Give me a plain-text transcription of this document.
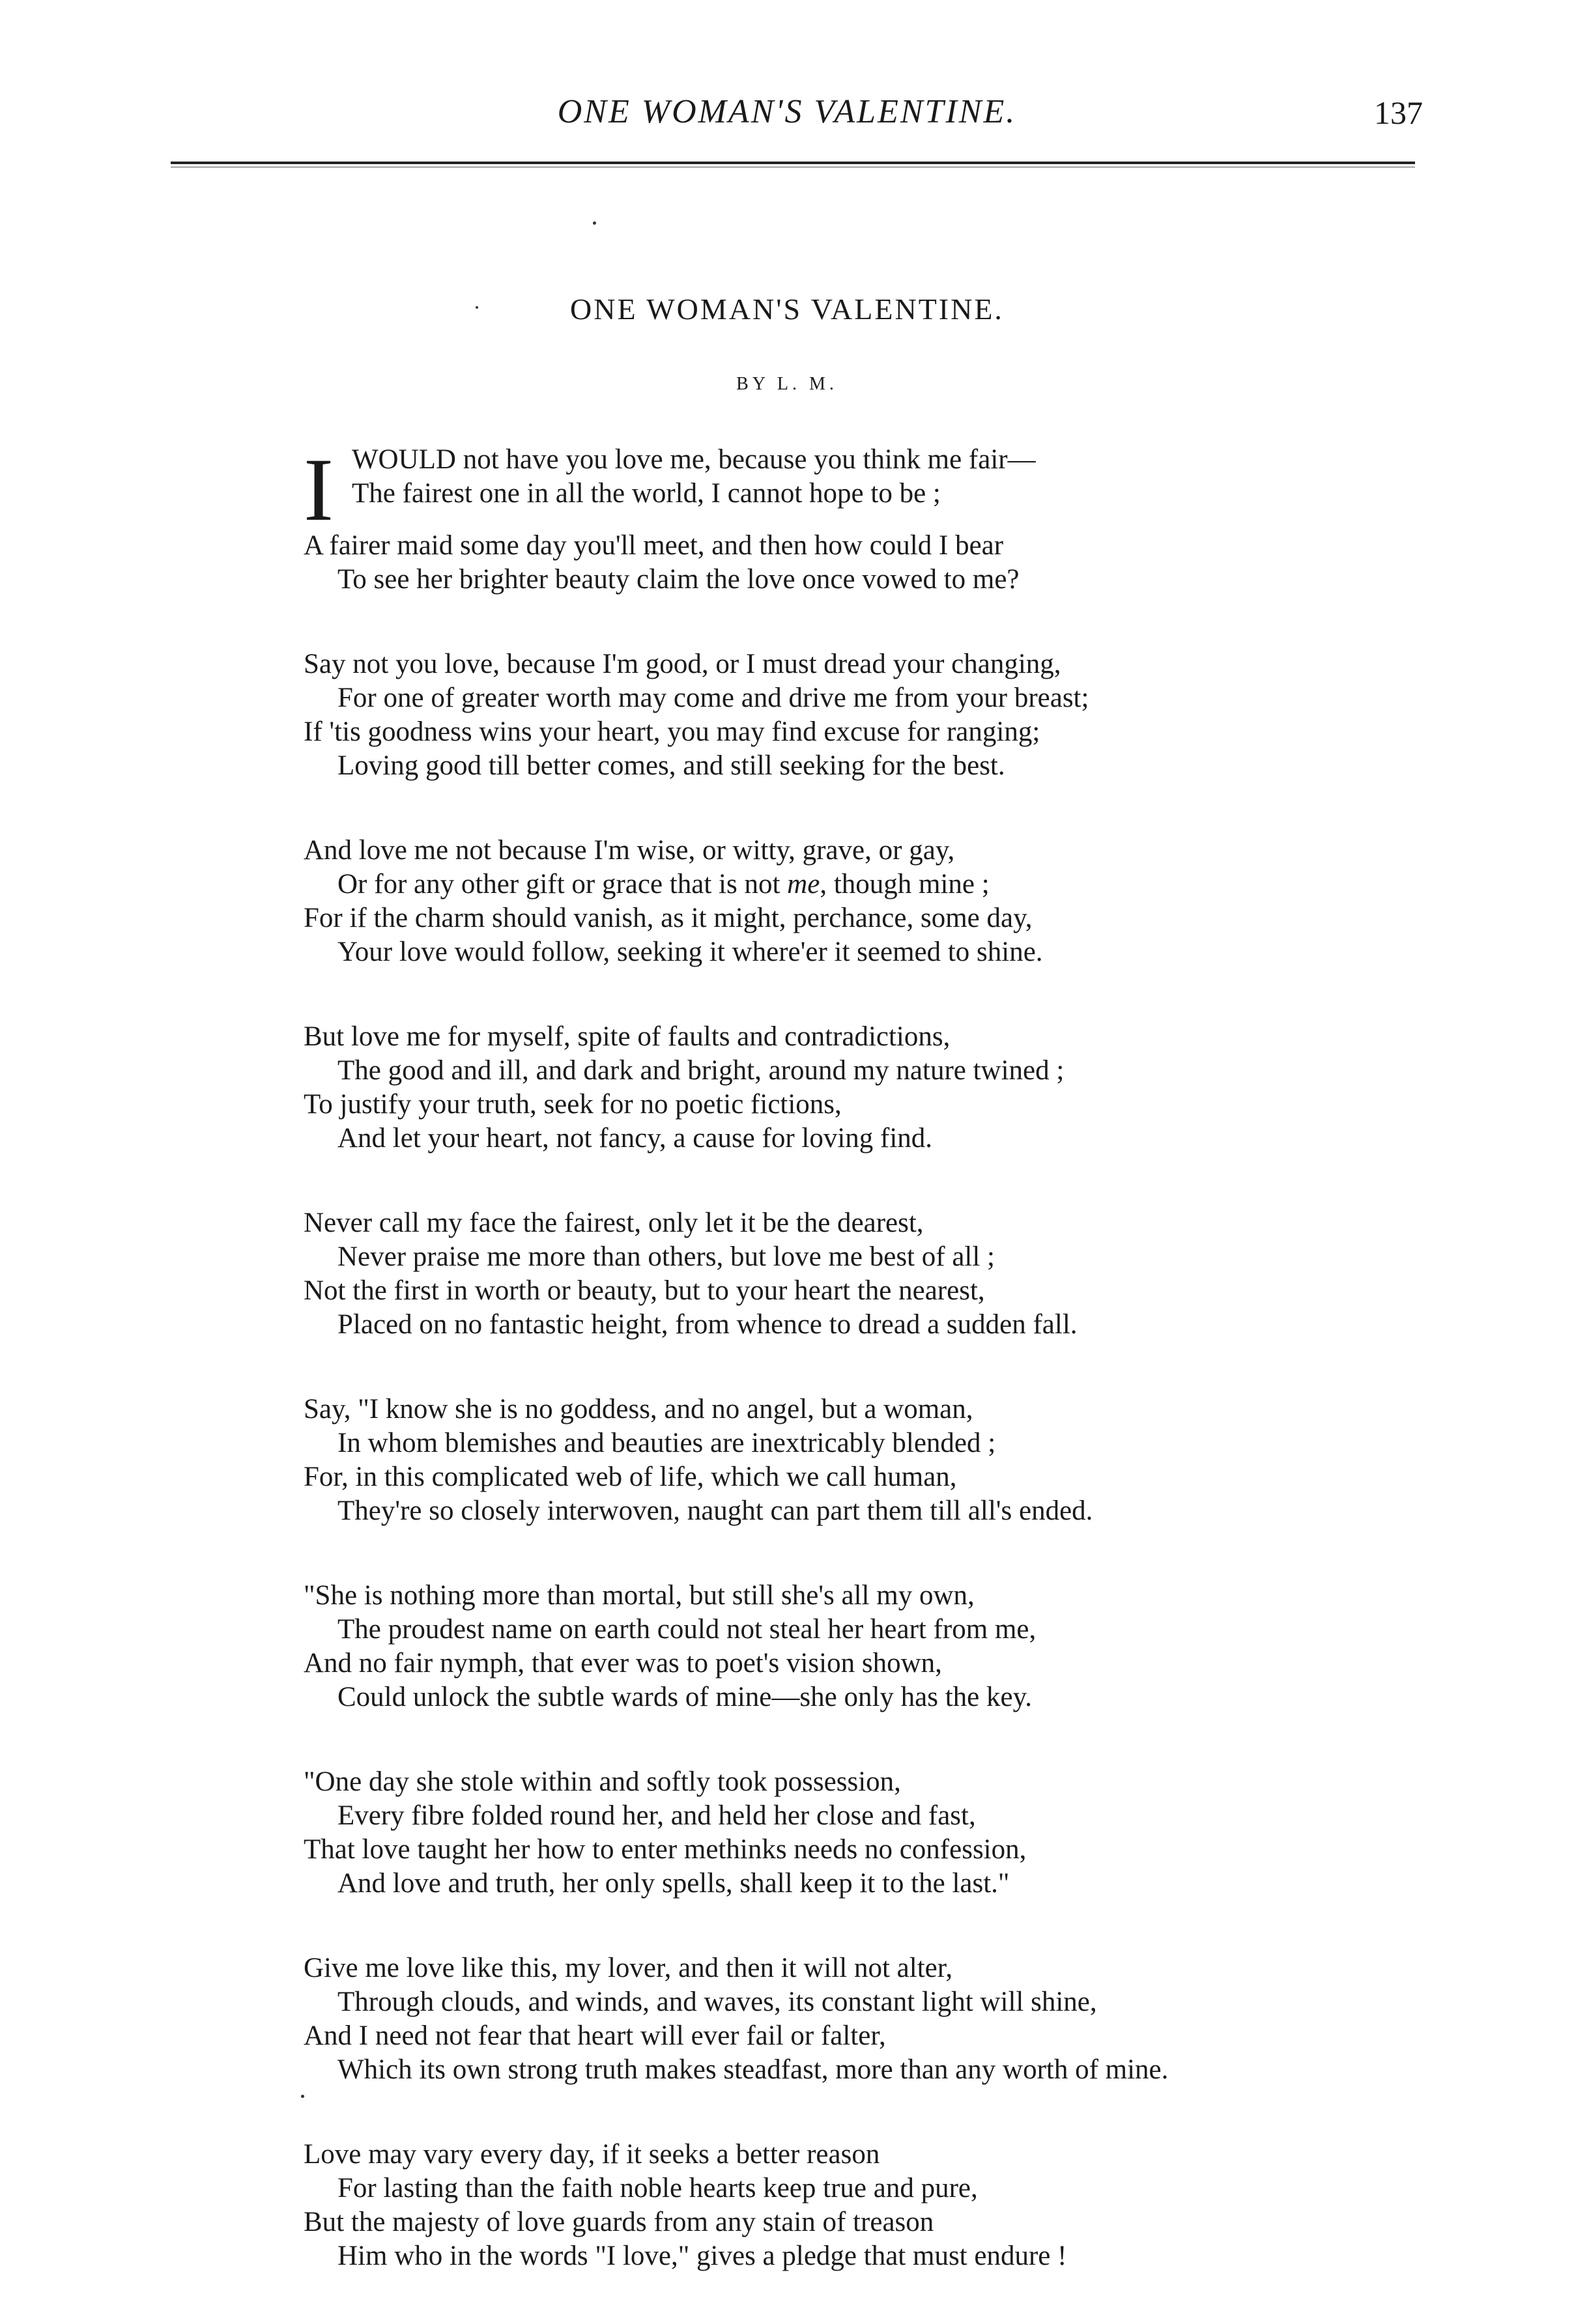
ONE WOMAN'S VALENTINE.	137
ONE WOMAN'S VALENTINE.
BY L. M.
I WOULD not have you love me, because you think me fair—
The fairest one in all the world, I cannot hope to be ;
A fairer maid some day you'll meet, and then how could I bear
To see her brighter beauty claim the love once vowed to me?
Say not you love, because I'm good, or I must dread your changing,
For one of greater worth may come and drive me from your breast;
If 'tis goodness wins your heart, you may find excuse for ranging;
Loving good till better comes, and still seeking for the best.
And love me not because I'm wise, or witty, grave, or gay,
Or for any other gift or grace that is not me, though mine ;
For if the charm should vanish, as it might, perchance, some day,
Your love would follow, seeking it where'er it seemed to shine.
But love me for myself, spite of faults and contradictions,
The good and ill, and dark and bright, around my nature twined ;
To justify your truth, seek for no poetic fictions,
And let your heart, not fancy, a cause for loving find.
Never call my face the fairest, only let it be the dearest,
Never praise me more than others, but love me best of all ;
Not the first in worth or beauty, but to your heart the nearest,
Placed on no fantastic height, from whence to dread a sudden fall.
Say, "I know she is no goddess, and no angel, but a woman,
In whom blemishes and beauties are inextricably blended ;
For, in this complicated web of life, which we call human,
They're so closely interwoven, naught can part them till all's ended.
"She is nothing more than mortal, but still she's all my own,
The proudest name on earth could not steal her heart from me,
And no fair nymph, that ever was to poet's vision shown,
Could unlock the subtle wards of mine—she only has the key.
"One day she stole within and softly took possession,
Every fibre folded round her, and held her close and fast,
That love taught her how to enter methinks needs no confession,
And love and truth, her only spells, shall keep it to the last."
Give me love like this, my lover, and then it will not alter,
Through clouds, and winds, and waves, its constant light will shine,
And I need not fear that heart will ever fail or falter,
Which its own strong truth makes steadfast, more than any worth of mine.
Love may vary every day, if it seeks a better reason
For lasting than the faith noble hearts keep true and pure,
But the majesty of love guards from any stain of treason
Him who in the words "I love," gives a pledge that must endure !
